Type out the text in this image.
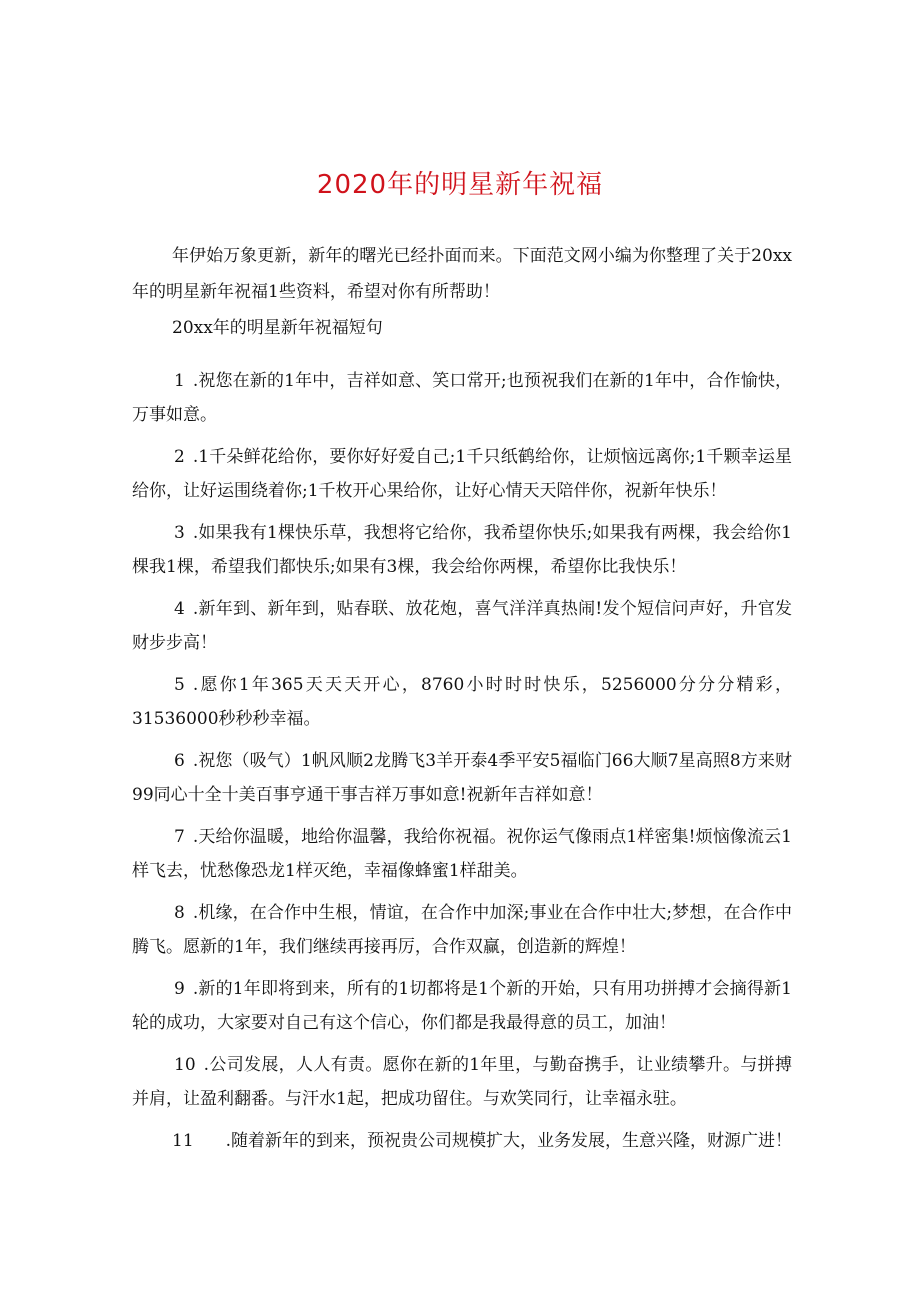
2020年的明星新年祝福
年伊始万象更新，新年的曙光已经扑面而来。下面范文网小编为你整理了关于20xx年的明星新年祝福1些资料，希望对你有所帮助！
20xx年的明星新年祝福短句
1 .祝您在新的1年中，吉祥如意、笑口常开;也预祝我们在新的1年中，合作愉快，万事如意。
2 .1千朵鲜花给你，要你好好爱自己;1千只纸鹤给你，让烦恼远离你;1千颗幸运星给你，让好运围绕着你;1千枚开心果给你，让好心情天天陪伴你，祝新年快乐！
3 .如果我有1棵快乐草，我想将它给你，我希望你快乐;如果我有两棵，我会给你1棵我1棵，希望我们都快乐;如果有3棵，我会给你两棵，希望你比我快乐！
4 .新年到、新年到，贴春联、放花炮，喜气洋洋真热闹!发个短信问声好，升官发财步步高！
5 .愿你1年365天天天开心，8760小时时时快乐，5256000分分分精彩，31536000秒秒秒幸福。
6 .祝您（吸气）1帆风顺2龙腾飞3羊开泰4季平安5福临门66大顺7星高照8方来财99同心十全十美百事亨通干事吉祥万事如意!祝新年吉祥如意！
7 .天给你温暖，地给你温馨，我给你祝福。祝你运气像雨点1样密集!烦恼像流云1样飞去，忧愁像恐龙1样灭绝，幸福像蜂蜜1样甜美。
8 .机缘，在合作中生根，情谊，在合作中加深;事业在合作中壮大;梦想，在合作中腾飞。愿新的1年，我们继续再接再厉，合作双赢，创造新的辉煌！
9 .新的1年即将到来，所有的1切都将是1个新的开始，只有用功拼搏才会摘得新1轮的成功，大家要对自己有这个信心，你们都是我最得意的员工，加油！
10 .公司发展，人人有责。愿你在新的1年里，与勤奋携手，让业绩攀升。与拼搏并肩，让盈利翻番。与汗水1起，把成功留住。与欢笑同行，让幸福永驻。
11	.随着新年的到来，预祝贵公司规模扩大，业务发展，生意兴隆，财源广进！
